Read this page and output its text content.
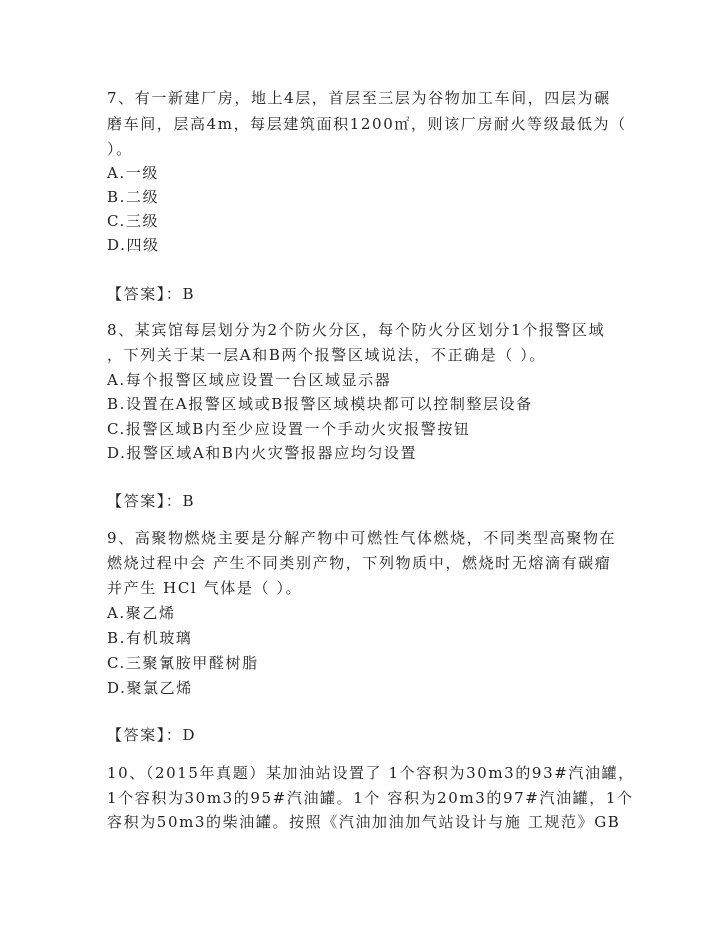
7、有一新建厂房，地上4层，首层至三层为谷物加工车间，四层为碾
磨车间，层高4m，每层建筑面积1200㎡，则该厂房耐火等级最低为（
）。
A.一级
B.二级
C.三级
D.四级
【答案】：B
8、某宾馆每层划分为2个防火分区，每个防火分区划分1个报警区域
，下列关于某一层A和B两个报警区域说法，不正确是（ ）。
A.每个报警区域应设置一台区域显示器
B.设置在A报警区域或B报警区域模块都可以控制整层设备
C.报警区域B内至少应设置一个手动火灾报警按钮
D.报警区域A和B内火灾警报器应均匀设置
【答案】：B
9、高聚物燃烧主要是分解产物中可燃性气体燃烧，不同类型高聚物在
燃烧过程中会 产生不同类别产物，下列物质中，燃烧时无熔滴有碳瘤
并产生 HCl 气体是（ ）。
A.聚乙烯
B.有机玻璃
C.三聚氰胺甲醛树脂
D.聚氯乙烯
【答案】：D
10、（2015年真题）某加油站设置了 1个容积为30m3的93#汽油罐，
1个容积为30m3的95#汽油罐。1个 容积为20m3的97#汽油罐，1个
容积为50m3的柴油罐。按照《汽油加油加气站设计与施 工规范》GB
